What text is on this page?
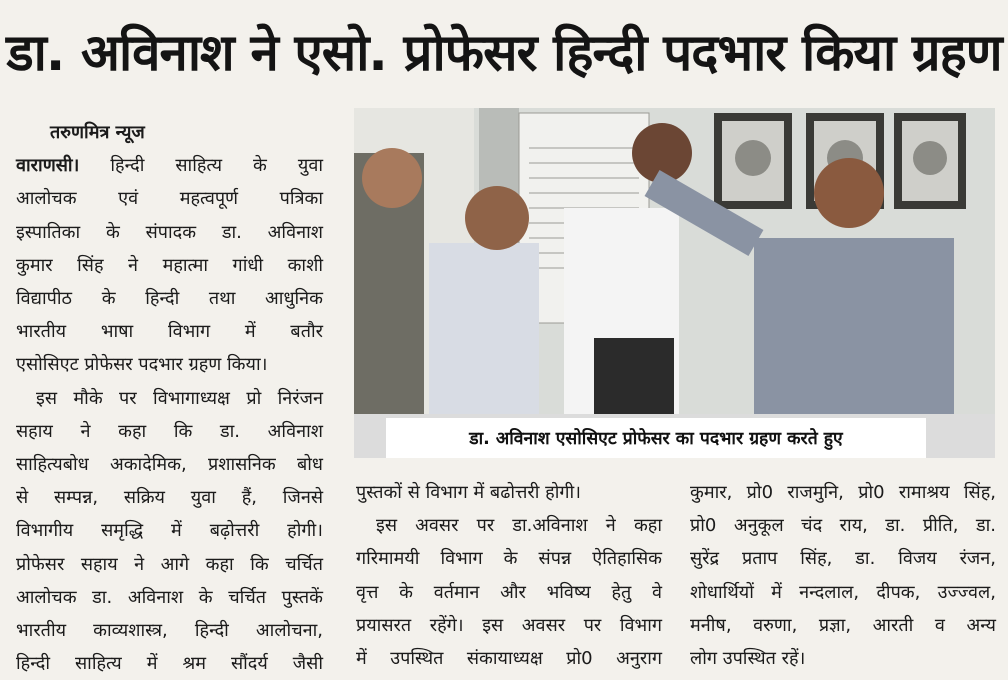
डा. अविनाश ने एसो. प्रोफेसर हिन्दी पदभार किया ग्रहण

तरुणमित्र न्यूज

वाराणसी। हिन्दी साहित्य के युवा

आलोचक एवं महत्वपूर्ण पत्रिका

इस्पातिका के संपादक डा. अविनाश

कुमार सिंह ने महात्मा गांधी काशी

विद्यापीठ के हिन्दी तथा आधुनिक

भारतीय भाषा विभाग में बतौर

एसोसिएट प्रोफेसर पदभार ग्रहण किया।

इस मौके पर विभागाध्यक्ष प्रो निरंजन

सहाय ने कहा कि डा. अविनाश

साहित्यबोध अकादेमिक, प्रशासनिक बोध

से सम्पन्न, सक्रिय युवा हैं, जिनसे

विभागीय समृद्धि में बढ़ोत्तरी होगी।

प्रोफेसर सहाय ने आगे कहा कि चर्चित

आलोचक डा. अविनाश के चर्चित पुस्तकें

भारतीय काव्यशास्त्र, हिन्दी आलोचना,

हिन्दी साहित्य में श्रम सौंदर्य जैसी

डा. अविनाश एसोसिएट प्रोफेसर का पदभार ग्रहण करते हुए

पुस्तकों से विभाग में बढोत्तरी होगी।

इस अवसर पर डा.अविनाश ने कहा

गरिमामयी विभाग के संपन्न ऐतिहासिक

वृत्त के वर्तमान और भविष्य हेतु वे

प्रयासरत रहेंगे। इस अवसर पर विभाग

में उपस्थित संकायाध्यक्ष प्रो0 अनुराग

कुमार, प्रो0 राजमुनि, प्रो0 रामाश्रय सिंह,

प्रो0 अनुकूल चंद राय, डा. प्रीति, डा.

सुरेंद्र प्रताप सिंह, डा. विजय रंजन,

शोधार्थियों में नन्दलाल, दीपक, उज्ज्वल,

मनीष, वरुणा, प्रज्ञा, आरती व अन्य

लोग उपस्थित रहें।
